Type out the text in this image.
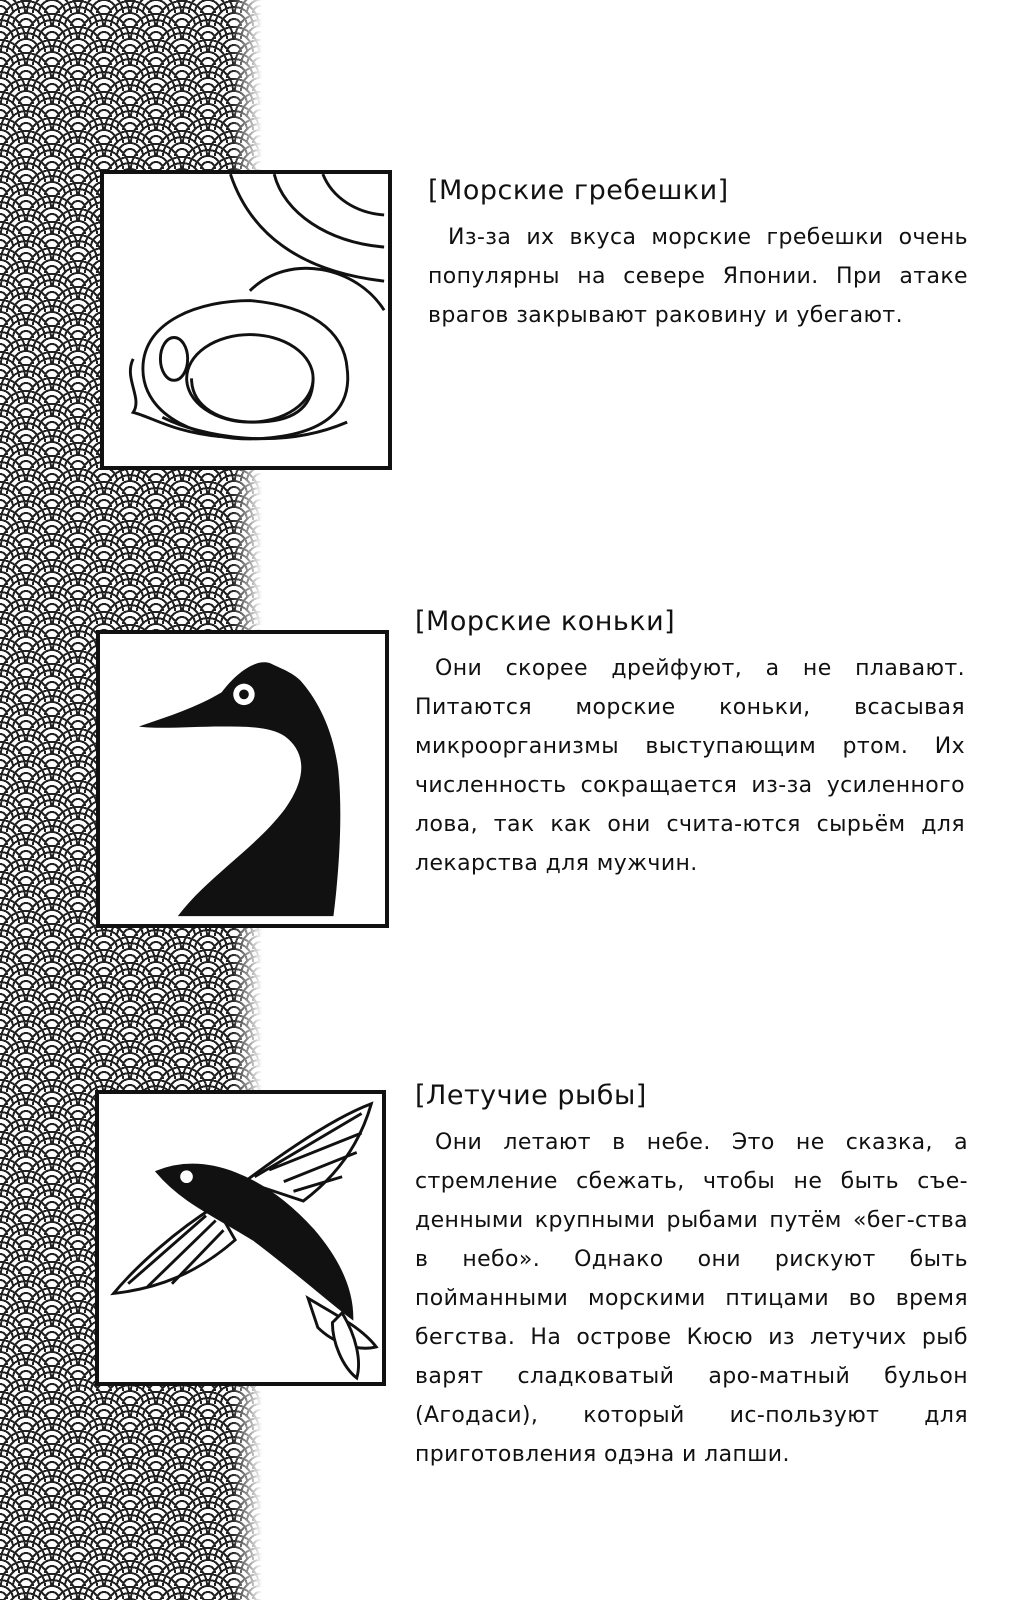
[Морские гребешки]

Из-за их вкуса морские гребешки очень популярны на севере Японии. При атаке врагов закрывают раковину и убегают.

[Морские коньки]

Они скорее дрейфуют, а не плавают. Питаются морские коньки, всасывая микроорганизмы выступающим ртом. Их численность сокращается из-за усиленного лова, так как они счита-ются сырьём для лекарства для мужчин.

[Летучие рыбы]

Они летают в небе. Это не сказка, а стремление сбежать, чтобы не быть съе-денными крупными рыбами путём «бег-ства в небо». Однако они рискуют быть пойманными морскими птицами во время бегства. На острове Кюсю из летучих рыб варят сладковатый аро-матный бульон (Агодаси), который ис-пользуют для приготовления одэна и лапши.
